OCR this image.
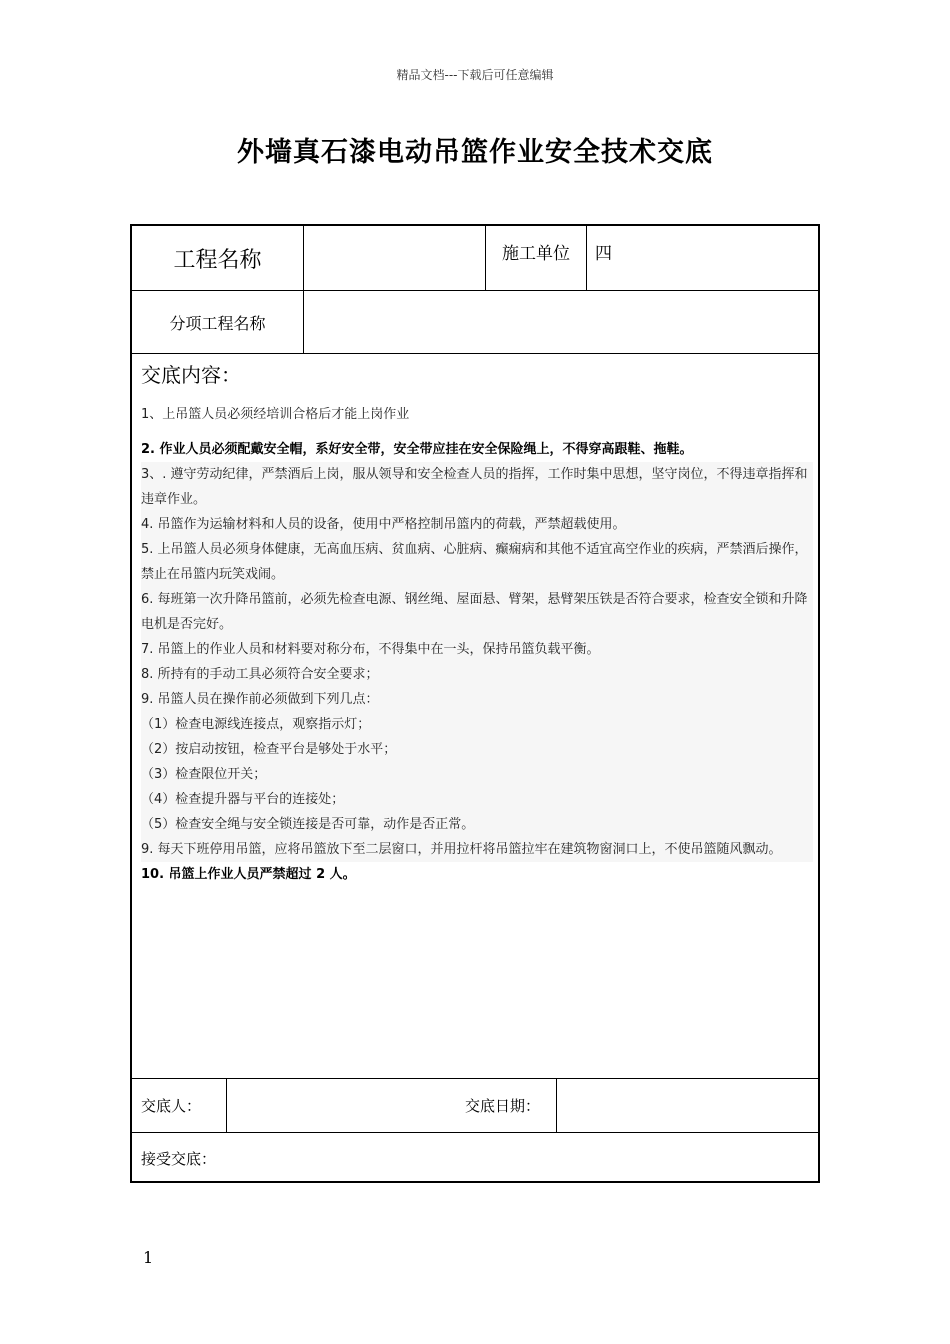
精品文档---下载后可任意编辑
外墙真石漆电动吊篮作业安全技术交底
工程名称	施工单位 四
分项工程名称
交底内容：
1、上吊篮人员必须经培训合格后才能上岗作业
2. 作业人员必须配戴安全帽，系好安全带，安全带应挂在安全保险绳上，不得穿高跟鞋、拖鞋。
3、. 遵守劳动纪律，严禁酒后上岗，服从领导和安全检查人员的指挥，工作时集中思想，坚守岗位，不得违章指挥和违章作业。
4. 吊篮作为运输材料和人员的设备，使用中严格控制吊篮内的荷载，严禁超载使用。
5. 上吊篮人员必须身体健康，无高血压病、贫血病、心脏病、癫痫病和其他不适宜高空作业的疾病，严禁酒后操作，禁止在吊篮内玩笑戏闹。
6. 每班第一次升降吊篮前，必须先检查电源、钢丝绳、屋面悬、臂架，悬臂架压铁是否符合要求，检查安全锁和升降电机是否完好。
7. 吊篮上的作业人员和材料要对称分布，不得集中在一头，保持吊篮负载平衡。
8. 所持有的手动工具必须符合安全要求；
9. 吊篮人员在操作前必须做到下列几点：
（1）检查电源线连接点，观察指示灯；
（2）按启动按钮，检查平台是够处于水平；
（3）检查限位开关；
（4）检查提升器与平台的连接处；
（5）检查安全绳与安全锁连接是否可靠，动作是否正常。
9. 每天下班停用吊篮，应将吊篮放下至二层窗口，并用拉杆将吊篮拉牢在建筑物窗洞口上，不使吊篮随风飘动。
10. 吊篮上作业人员严禁超过 2 人。
交底人：	交底日期：
接受交底：
1
